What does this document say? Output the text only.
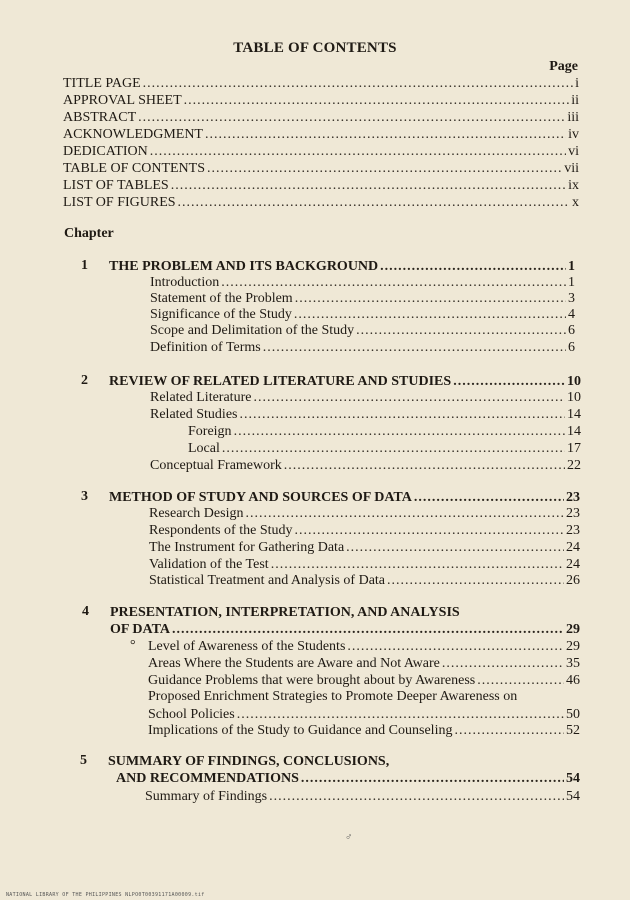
TABLE OF CONTENTS
Page
TITLE PAGE .....	i
APPROVAL SHEET .....	ii
ABSTRACT .....	iii
ACKNOWLEDGMENT .....	iv
DEDICATION .....	vi
TABLE OF CONTENTS .....	vii
LIST OF TABLES .....	ix
LIST OF FIGURES .....	x
Chapter
1 THE PROBLEM AND ITS BACKGROUND .....	1
Introduction .....	1
Statement of the Problem .....	3
Significance of the Study .....	4
Scope and Delimitation of the Study .....	6
Definition of Terms .....	6
2 REVIEW OF RELATED LITERATURE AND STUDIES .....	10
Related Literature .....	10
Related Studies .....	14
Foreign .....	14
Local .....	17
Conceptual Framework .....	22
3 METHOD OF STUDY AND SOURCES OF DATA .....	23
Research Design .....	23
Respondents of the Study .....	23
The Instrument for Gathering Data .....	24
Validation of the Test .....	24
Statistical Treatment and Analysis of Data .....	26
4 PRESENTATION, INTERPRETATION, AND ANALYSIS
OF DATA .....	29
° Level of Awareness of the Students .....	29
Areas Where the Students are Aware and Not Aware .....	35
Guidance Problems that were brought about by Awareness .....	46
Proposed Enrichment Strategies to Promote Deeper Awareness on
School Policies .....	50
Implications of the Study to Guidance and Counseling .....	52
5 SUMMARY OF FINDINGS, CONCLUSIONS,
AND RECOMMENDATIONS .....	54
Summary of Findings .....	54
♂
NATIONAL LIBRARY OF THE PHILIPPINES NLPO0T00391171A00009.tif
